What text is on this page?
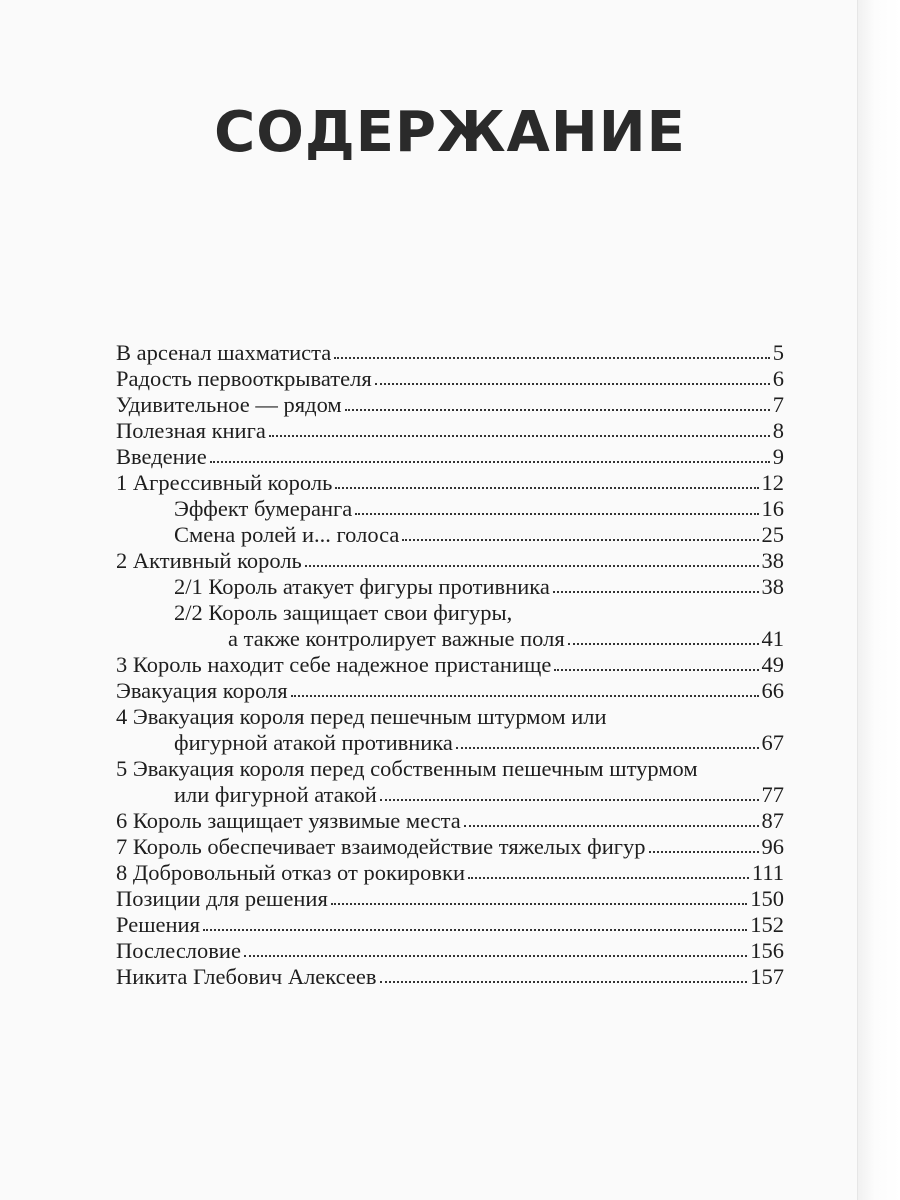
СОДЕРЖАНИЕ
В арсенал шахматиста	5
Радость первооткрывателя	6
Удивительное — рядом	7
Полезная книга	8
Введение	9
1 Агрессивный король	12
Эффект бумеранга	16
Смена ролей и... голоса	25
2 Активный король	38
2/1 Король атакует фигуры противника	38
2/2 Король защищает свои фигуры,
а также контролирует важные поля	41
3 Король находит себе надежное пристанище	49
Эвакуация короля	66
4 Эвакуация короля перед пешечным штурмом или
фигурной атакой противника	67
5 Эвакуация короля перед собственным пешечным штурмом
или фигурной атакой	77
6 Король защищает уязвимые места	87
7 Король обеспечивает взаимодействие тяжелых фигур	96
8 Добровольный отказ от рокировки	111
Позиции для решения	150
Решения	152
Послесловие	156
Никита Глебович Алексеев	157
